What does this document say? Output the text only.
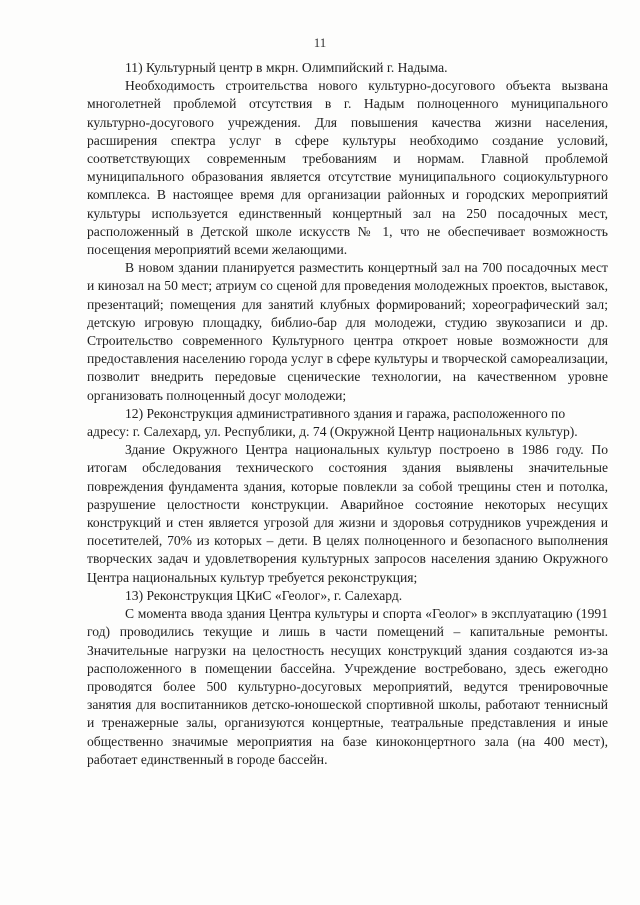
11

11) Культурный центр в мкрн. Олимпийский г. Надыма.

Необходимость строительства нового культурно-досугового объекта вызвана многолетней проблемой отсутствия в г. Надым полноценного муниципального культурно-досугового учреждения. Для повышения качества жизни населения, расширения спектра услуг в сфере культуры необходимо создание условий, соответствующих современным требованиям и нормам. Главной проблемой муниципального образования является отсутствие муниципального социокультурного комплекса. В настоящее время для организации районных и городских мероприятий культуры используется единственный концертный зал на 250 посадочных мест, расположенный в Детской школе искусств № 1, что не обеспечивает возможность посещения мероприятий всеми желающими.

В новом здании планируется разместить концертный зал на 700 посадочных мест и кинозал на 50 мест; атриум со сценой для проведения молодежных проектов, выставок, презентаций; помещения для занятий клубных формирований; хореографический зал; детскую игровую площадку, библио-бар для молодежи, студию звукозаписи и др. Строительство современного Культурного центра откроет новые возможности для предоставления населению города услуг в сфере культуры и творческой самореализации, позволит внедрить передовые сценические технологии, на качественном уровне организовать полноценный досуг молодежи;

12) Реконструкция административного здания и гаража, расположенного по адресу: г. Салехард, ул. Республики, д. 74 (Окружной Центр национальных культур).

Здание Окружного Центра национальных культур построено в 1986 году. По итогам обследования технического состояния здания выявлены значительные повреждения фундамента здания, которые повлекли за собой трещины стен и потолка, разрушение целостности конструкции. Аварийное состояние некоторых несущих конструкций и стен является угрозой для жизни и здоровья сотрудников учреждения и посетителей, 70% из которых – дети. В целях полноценного и безопасного выполнения творческих задач и удовлетворения культурных запросов населения зданию Окружного Центра национальных культур требуется реконструкция;

13) Реконструкция ЦКиС «Геолог», г. Салехард.

С момента ввода здания Центра культуры и спорта «Геолог» в эксплуатацию (1991 год) проводились текущие и лишь в части помещений – капитальные ремонты. Значительные нагрузки на целостность несущих конструкций здания создаются из-за расположенного в помещении бассейна. Учреждение востребовано, здесь ежегодно проводятся более 500 культурно-досуговых мероприятий, ведутся тренировочные занятия для воспитанников детско-юношеской спортивной школы, работают теннисный и тренажерные залы, организуются концертные, театральные представления и иные общественно значимые мероприятия на базе киноконцертного зала (на 400 мест), работает единственный в городе бассейн.
